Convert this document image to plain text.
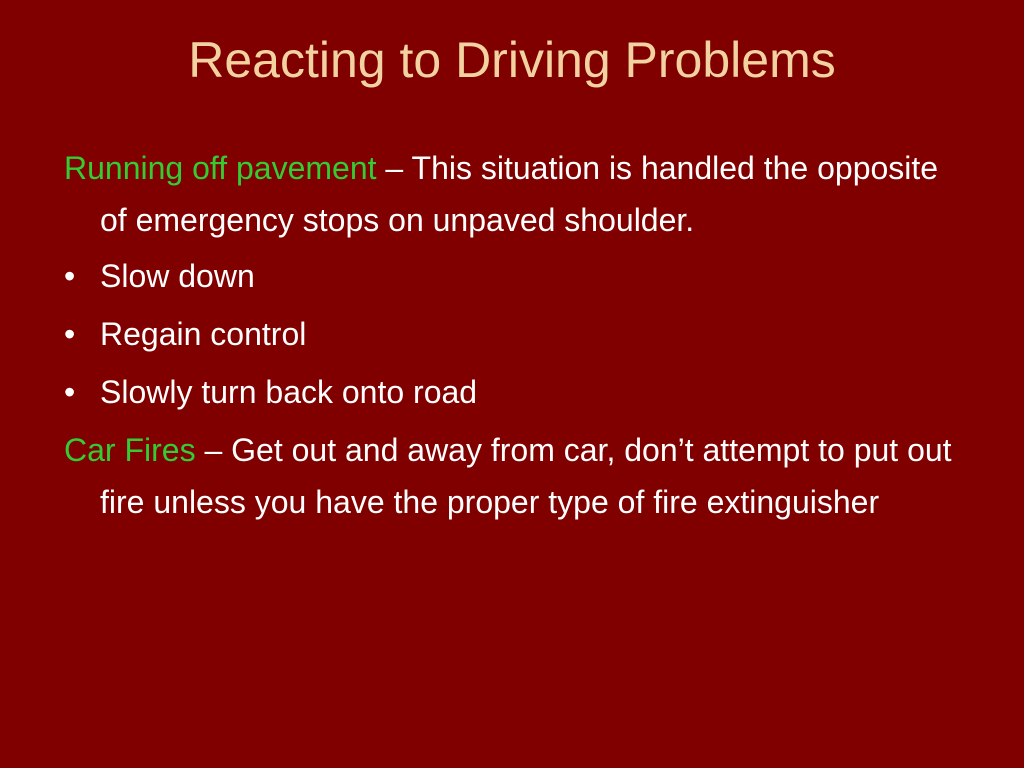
Reacting to Driving Problems
Running off pavement – This situation is handled the opposite of emergency stops on unpaved shoulder.
• Slow down
• Regain control
• Slowly turn back onto road
Car Fires – Get out and away from car, don’t attempt to put out fire unless you have the proper type of fire extinguisher
